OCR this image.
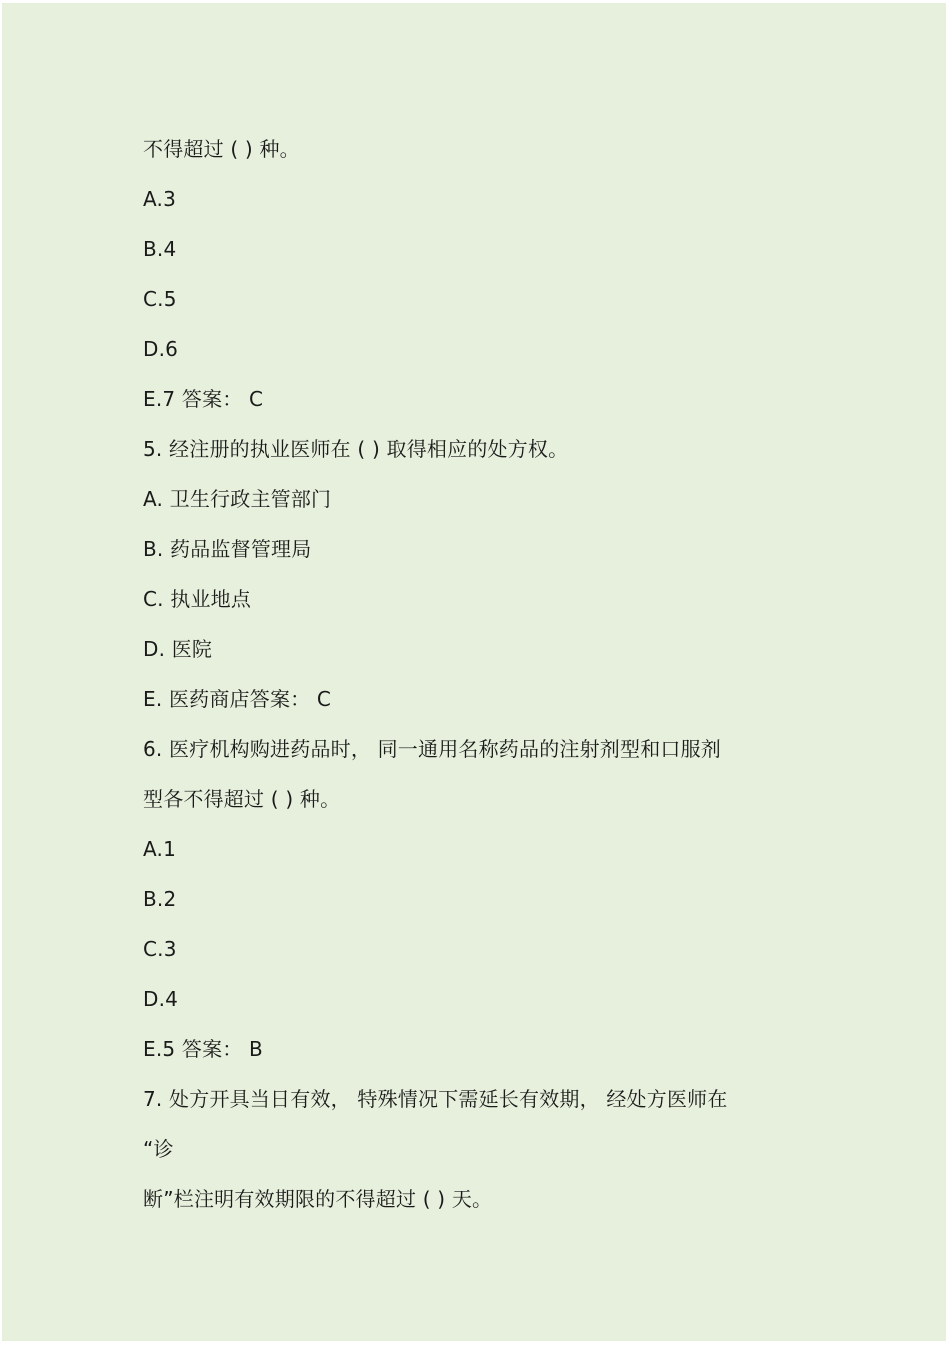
不得超过 ( ) 种。
A.3
B.4
C.5
D.6
E.7 答案： C
5. 经注册的执业医师在 ( ) 取得相应的处方权。
A. 卫生行政主管部门
B. 药品监督管理局
C. 执业地点
D. 医院
E. 医药商店答案： C
6. 医疗机构购进药品时， 同一通用名称药品的注射剂型和口服剂
型各不得超过 ( ) 种。
A.1
B.2
C.3
D.4
E.5 答案： B
7. 处方开具当日有效， 特殊情况下需延长有效期， 经处方医师在
“诊
断”栏注明有效期限的不得超过 ( ) 天。
